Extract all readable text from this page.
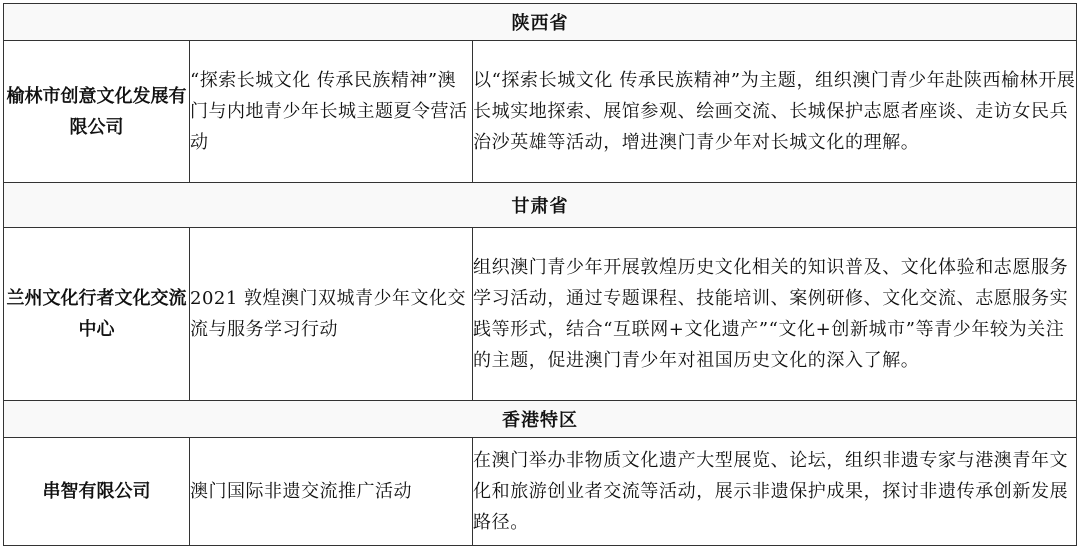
陕西省		
榆林市创意文化发展有限公司	“探索长城文化 传承民族精神”澳门与内地青少年长城主题夏令营活动	以“探索长城文化 传承民族精神”为主题，组织澳门青少年赴陕西榆林开展长城实地探索、展馆参观、绘画交流、长城保护志愿者座谈、走访女民兵治沙英雄等活动，增进澳门青少年对长城文化的理解。
甘肃省		
兰州文化行者文化交流中心	2021 敦煌澳门双城青少年文化交流与服务学习行动	组织澳门青少年开展敦煌历史文化相关的知识普及、文化体验和志愿服务学习活动，通过专题课程、技能培训、案例研修、文化交流、志愿服务实践等形式，结合“互联网+文化遗产”“文化+创新城市”等青少年较为关注的主题，促进澳门青少年对祖国历史文化的深入了解。
香港特区		
串智有限公司	澳门国际非遗交流推广活动	在澳门举办非物质文化遗产大型展览、论坛，组织非遗专家与港澳青年文化和旅游创业者交流等活动，展示非遗保护成果，探讨非遗传承创新发展路径。
